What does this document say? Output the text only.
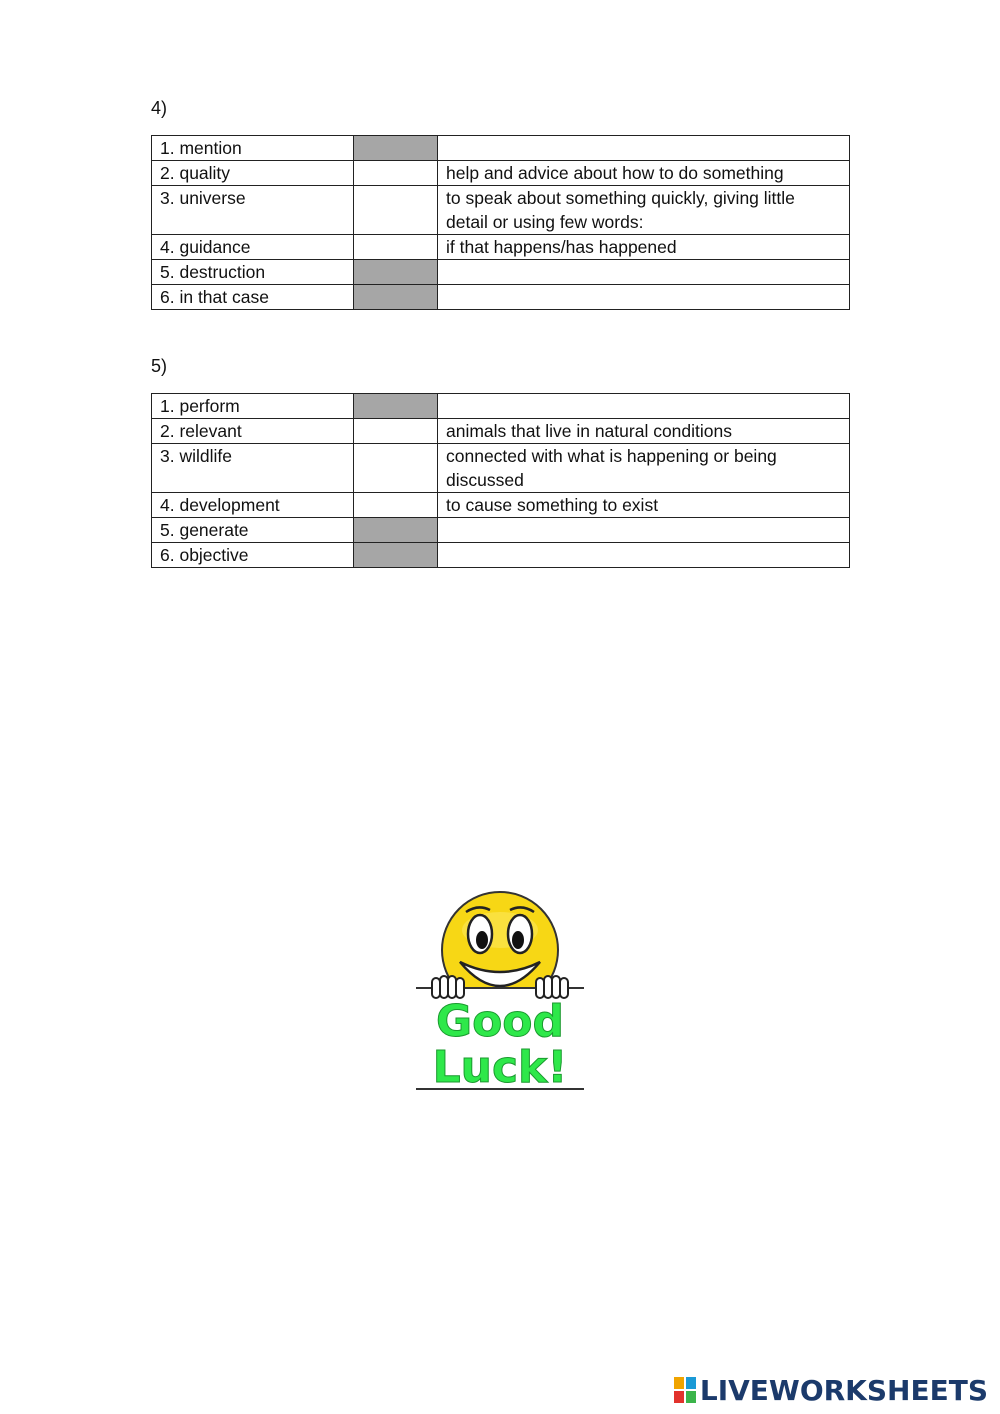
4)
1. mention		
2. quality		help and advice about how to do something
3. universe		to speak about something quickly, giving little detail or using few words:
4. guidance		if that happens/has happened
5. destruction		
6. in that case		
5)
1. perform		
2. relevant		animals that live in natural conditions
3. wildlife		connected with what is happening or being discussed
4. development		to cause something to exist
5. generate		
6. objective		
Good
Luck!
LIVEWORKSHEETS
